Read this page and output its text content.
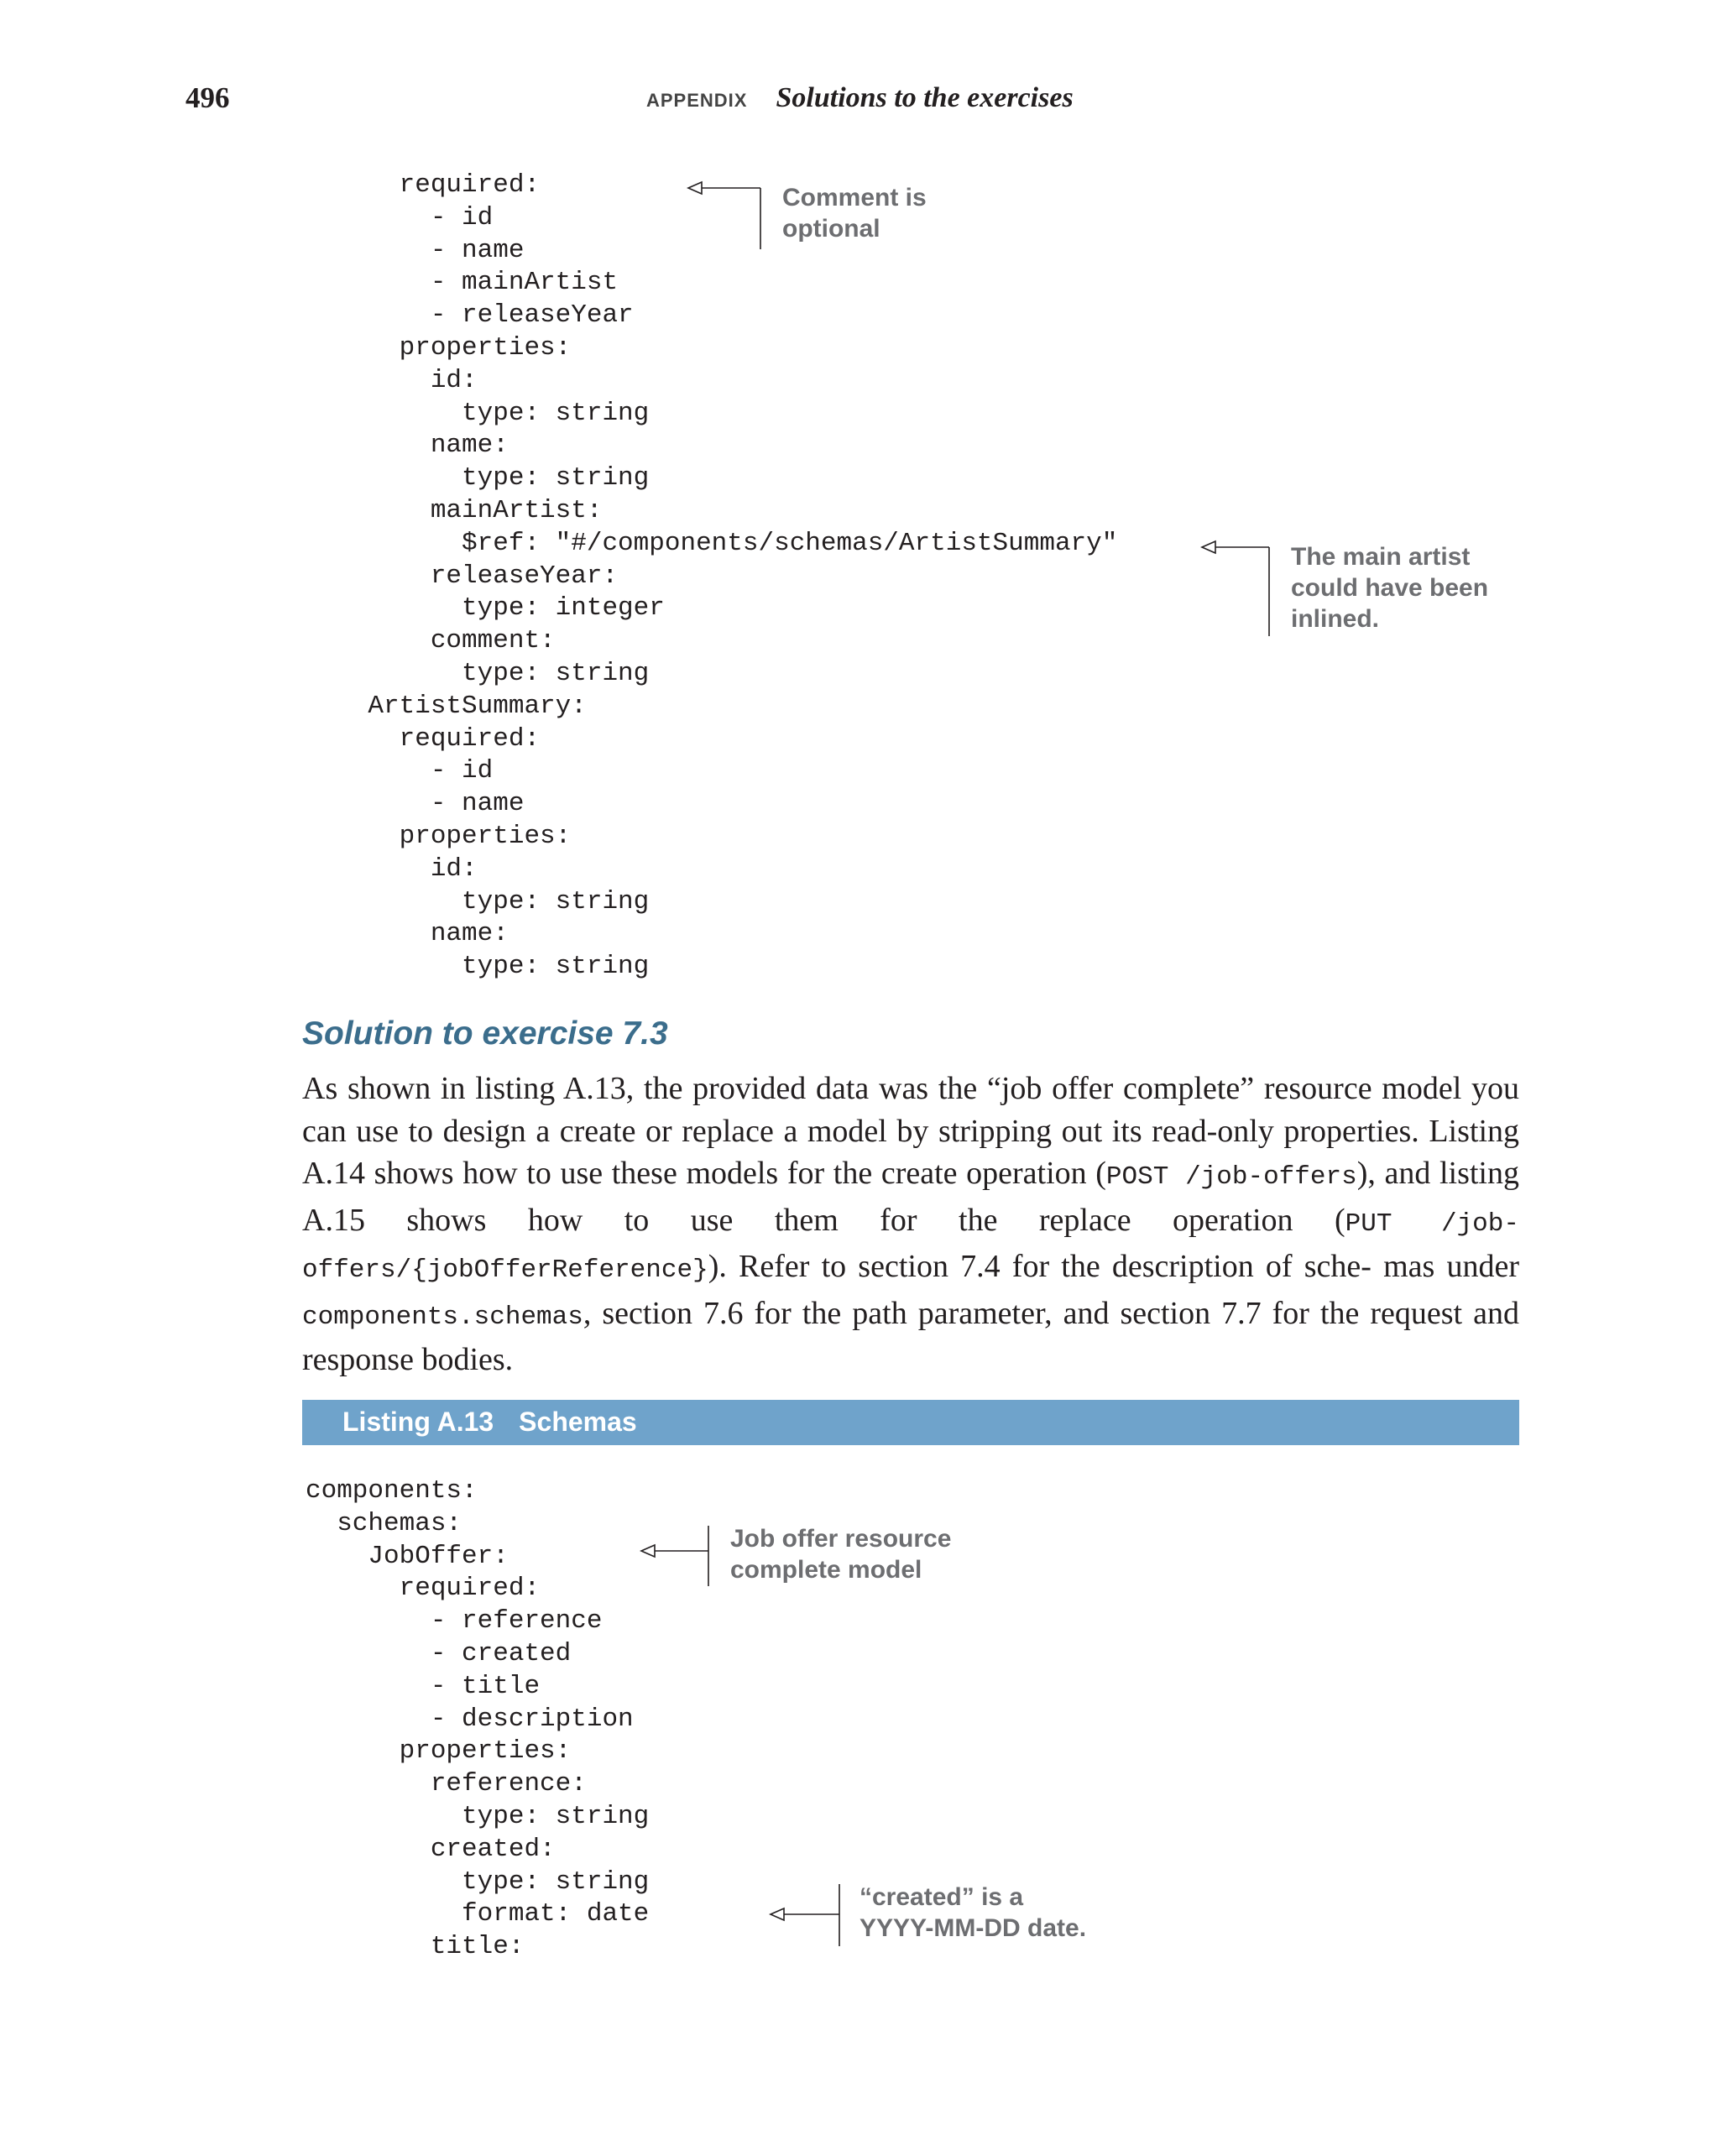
496	APPENDIX Solutions to the exercises
required:
- id
- name
- mainArtist
- releaseYear
properties:
id:
type: string
name:
type: string
mainArtist:
$ref: "#/components/schemas/ArtistSummary"
releaseYear:
type: integer
comment:
type: string
ArtistSummary:
required:
- id
- name
properties:
id:
type: string
name:
type: string
Comment is
optional
The main artist
could have been
inlined.
Solution to exercise 7.3

As shown in listing A.13, the provided data was the “job offer complete” resource model you can use to design a create or replace a model by stripping out its read-only properties. Listing A.14 shows how to use these models for the create operation (POST /job-offers), and listing A.15 shows how to use them for the replace operation (PUT /job-offers/{jobOfferReference}). Refer to section 7.4 for the description of sche- mas under components.schemas, section 7.6 for the path parameter, and section 7.7 for the request and response bodies.

Listing A.13 Schemas
components:
schemas:
JobOffer:
required:
- reference
- created
- title
- description
properties:
reference:
type: string
created:
type: string
format: date
title:
Job offer resource
complete model
“created” is a
YYYY-MM-DD date.
